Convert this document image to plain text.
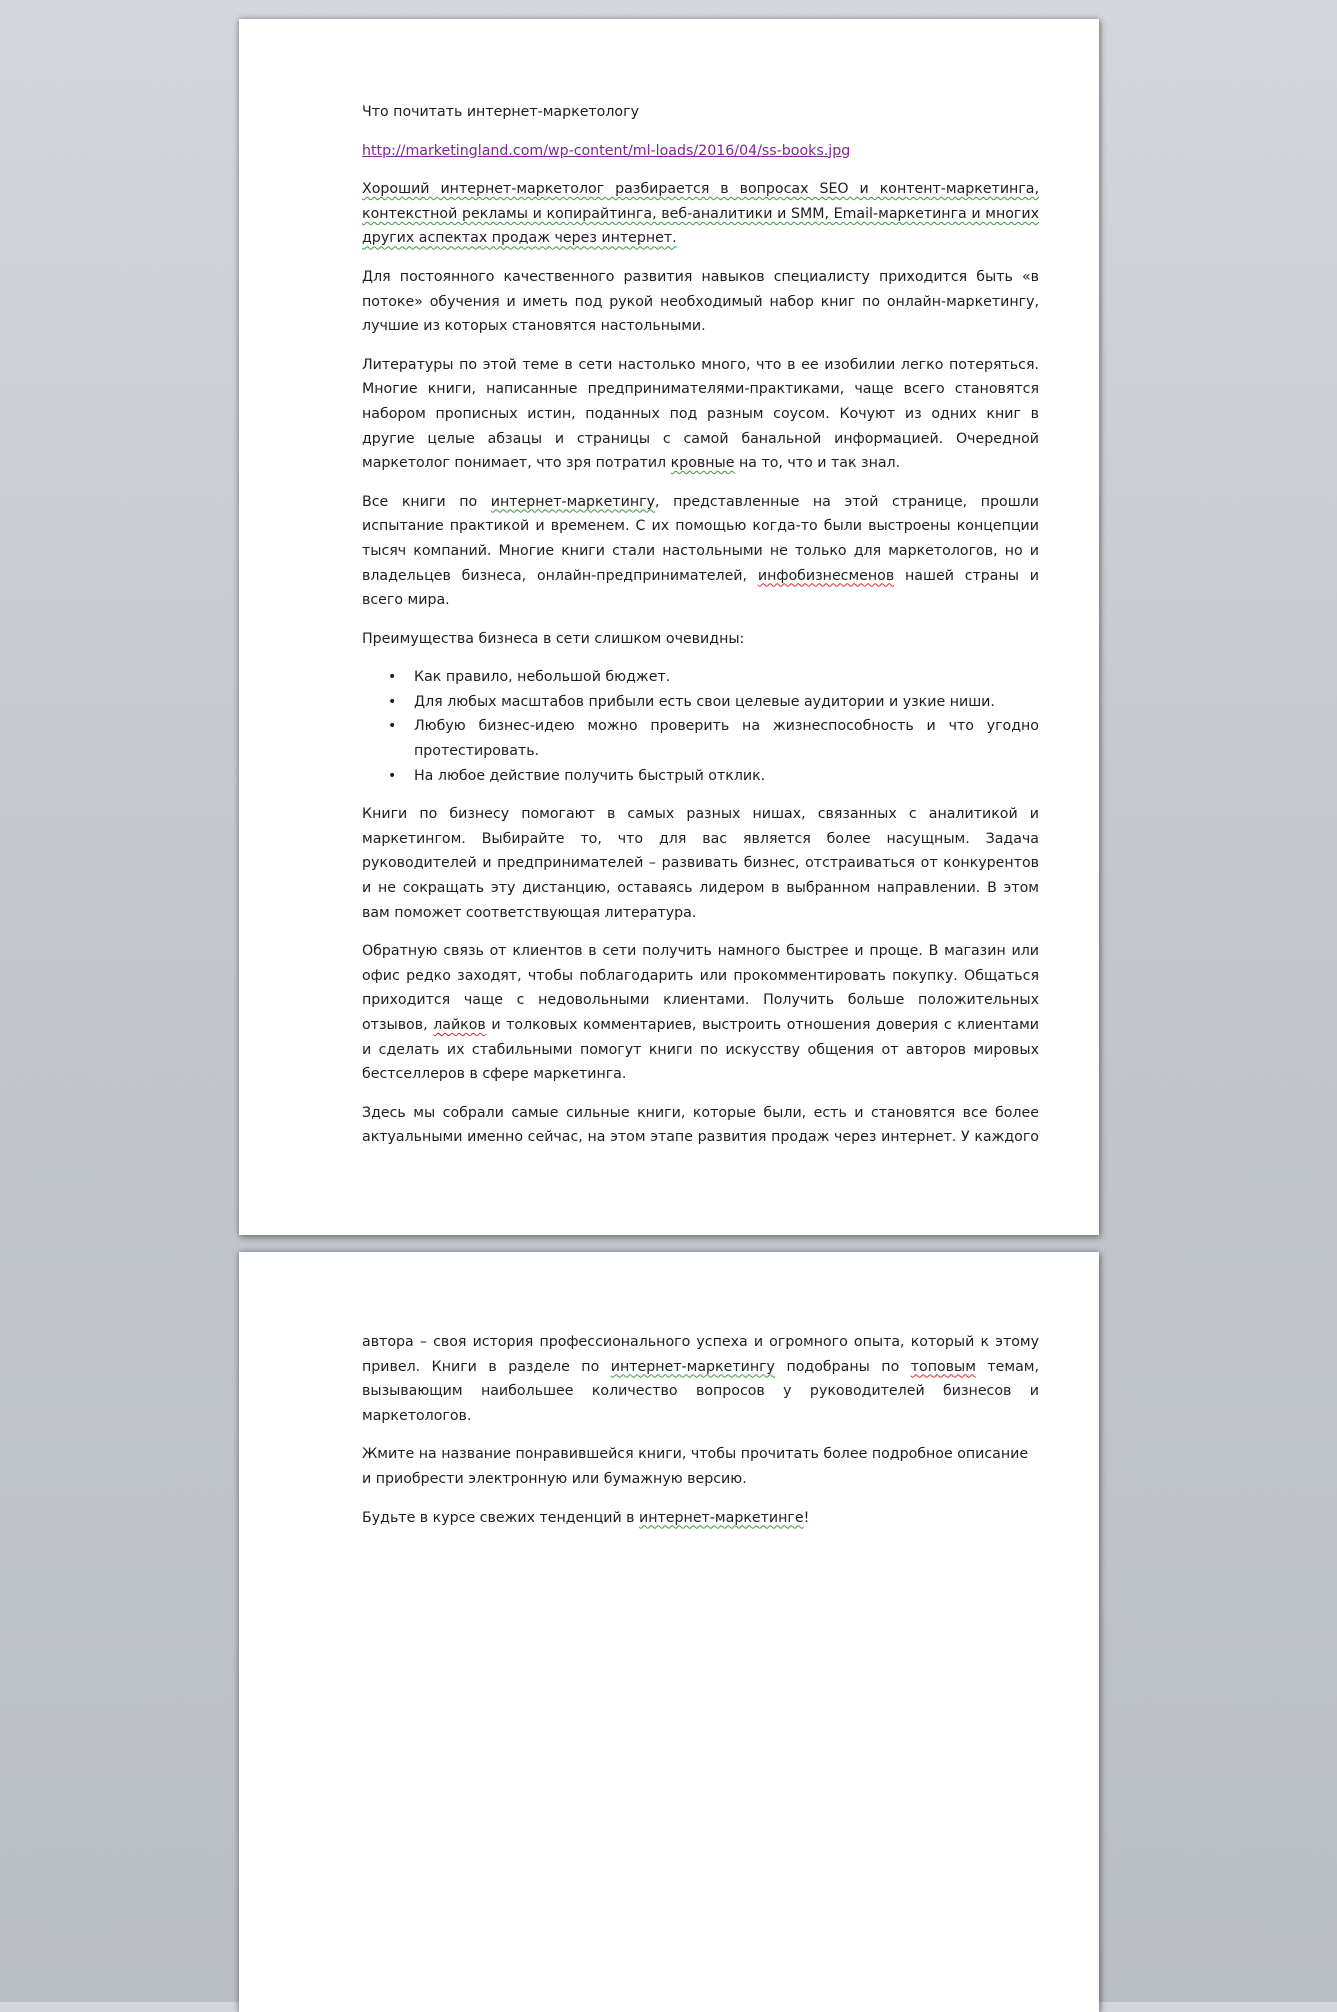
Что почитать интернет-маркетологу

http://marketingland.com/wp-content/ml-loads/2016/04/ss-books.jpg

Хороший интернет-маркетолог разбирается в вопросах SEO и контент-маркетинга, контекстной рекламы и копирайтинга, веб-аналитики и SMM, Email-маркетинга и многих других аспектах продаж через интернет.

Для постоянного качественного развития навыков специалисту приходится быть «в потоке» обучения и иметь под рукой необходимый набор книг по онлайн-маркетингу, лучшие из которых становятся настольными.

Литературы по этой теме в сети настолько много, что в ее изобилии легко потеряться. Многие книги, написанные предпринимателями-практиками, чаще всего становятся набором прописных истин, поданных под разным соусом. Кочуют из одних книг в другие целые абзацы и страницы с самой банальной информацией. Очередной маркетолог понимает, что зря потратил кровные на то, что и так знал.

Все книги по интернет-маркетингу, представленные на этой странице, прошли испытание практикой и временем. С их помощью когда-то были выстроены концепции тысяч компаний. Многие книги стали настольными не только для маркетологов, но и владельцев бизнеса, онлайн-предпринимателей, инфобизнесменов нашей страны и всего мира.

Преимущества бизнеса в сети слишком очевидны:

• Как правило, небольшой бюджет.
• Для любых масштабов прибыли есть свои целевые аудитории и узкие ниши.
• Любую бизнес-идею можно проверить на жизнеспособность и что угодно протестировать.
• На любое действие получить быстрый отклик.

Книги по бизнесу помогают в самых разных нишах, связанных с аналитикой и маркетингом. Выбирайте то, что для вас является более насущным. Задача руководителей и предпринимателей – развивать бизнес, отстраиваться от конкурентов и не сокращать эту дистанцию, оставаясь лидером в выбранном направлении. В этом вам поможет соответствующая литература.

Обратную связь от клиентов в сети получить намного быстрее и проще. В магазин или офис редко заходят, чтобы поблагодарить или прокомментировать покупку. Общаться приходится чаще с недовольными клиентами. Получить больше положительных отзывов, лайков и толковых комментариев, выстроить отношения доверия с клиентами и сделать их стабильными помогут книги по искусству общения от авторов мировых бестселлеров в сфере маркетинга.

Здесь мы собрали самые сильные книги, которые были, есть и становятся все более актуальными именно сейчас, на этом этапе развития продаж через интернет. У каждого

автора – своя история профессионального успеха и огромного опыта, который к этому привел. Книги в разделе по интернет-маркетингу подобраны по топовым темам, вызывающим наибольшее количество вопросов у руководителей бизнесов и маркетологов.

Жмите на название понравившейся книги, чтобы прочитать более подробное описание и приобрести электронную или бумажную версию.

Будьте в курсе свежих тенденций в интернет-маркетинге!
